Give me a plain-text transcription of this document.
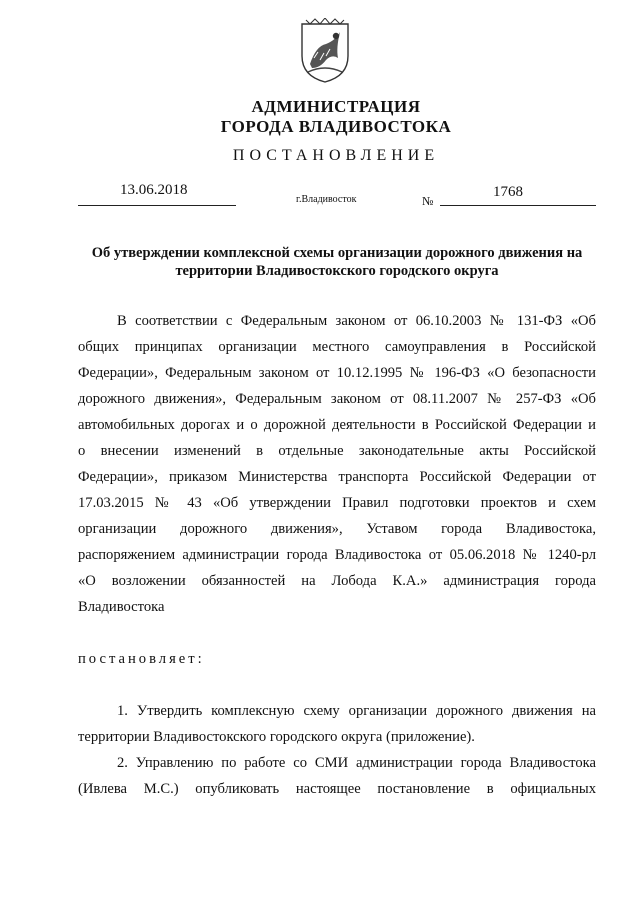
АДМИНИСТРАЦИЯ
ГОРОДА ВЛАДИВОСТОКА
ПОСТАНОВЛЕНИЕ
13.06.2018
г.Владивосток	№
1768
Об утверждении комплексной схемы организации дорожного движения на
территории Владивостокского городского округа
В соответствии с Федеральным законом от 06.10.2003 № 131-ФЗ «Об
общих принципах организации местного самоуправления в Российской
Федерации», Федеральным законом от 10.12.1995 № 196-ФЗ «О безопасности
дорожного движения», Федеральным законом от 08.11.2007 № 257-ФЗ «Об
автомобильных дорогах и о дорожной деятельности в Российской Федерации и
о внесении изменений в отдельные законодательные акты Российской
Федерации», приказом Министерства транспорта Российской Федерации от
17.03.2015 № 43 «Об утверждении Правил подготовки проектов и схем
организации дорожного движения», Уставом города Владивостока,
распоряжением администрации города Владивостока от 05.06.2018 № 1240-рл
«О возложении обязанностей на Лобода К.А.» администрация города
Владивостока
постановляет:
1. Утвердить комплексную схему организации дорожного движения на
территории Владивостокского городского округа (приложение).
2. Управлению по работе со СМИ администрации города Владивостока
(Ивлева М.С.) опубликовать настоящее постановление в официальных
